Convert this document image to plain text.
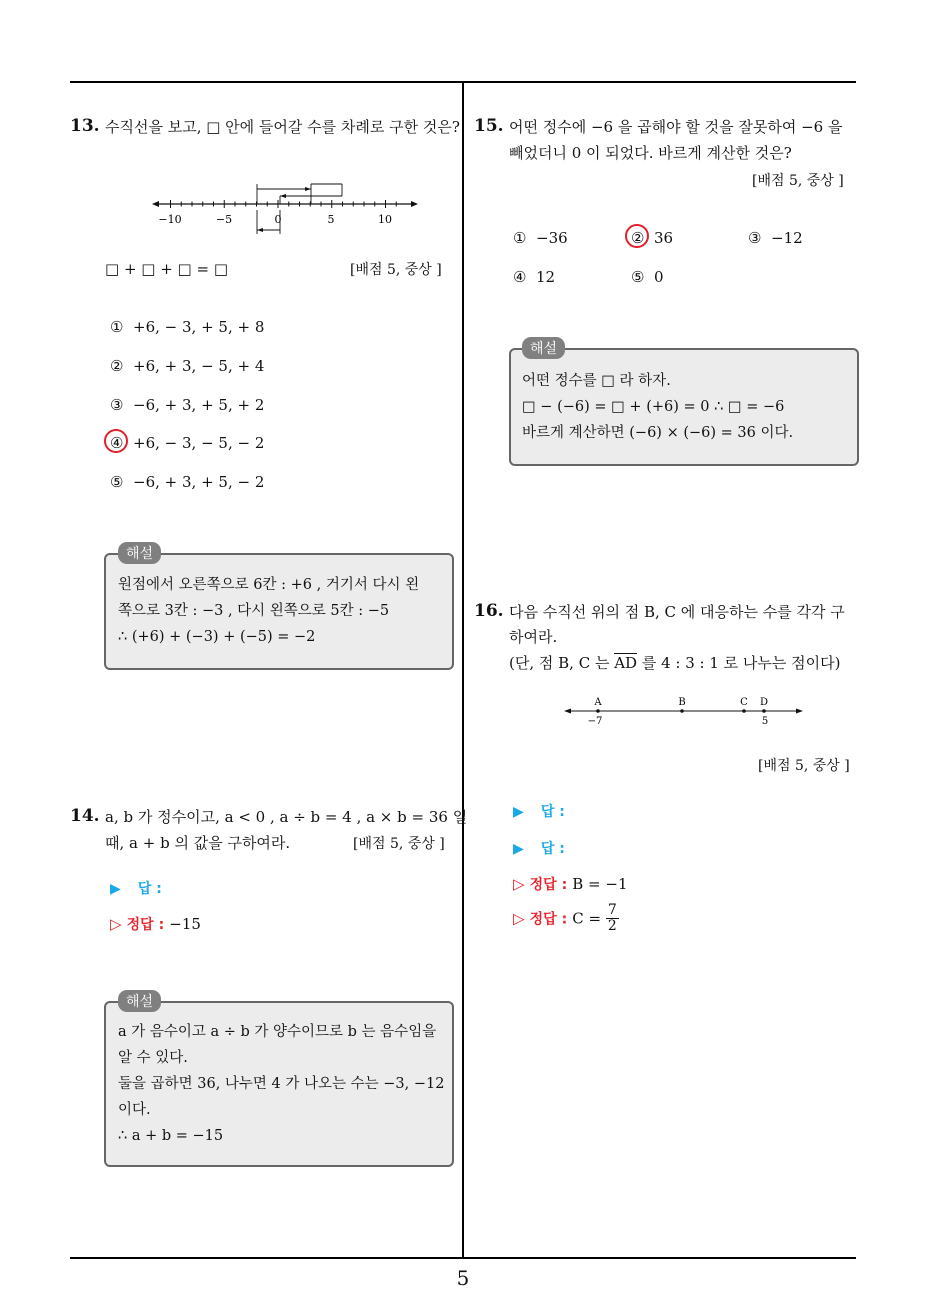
5
13. 수직선을 보고, □ 안에 들어갈 수를 차례로 구한 것은?
−10	−5	0	5	10
□ + □ + □ = □	[배점 5, 중상 ]
① +6, − 3, + 5, + 8
② +6, + 3, − 5, + 4
③ −6, + 3, + 5, + 2
④ +6, − 3, − 5, − 2
⑤ −6, + 3, + 5, − 2
해설
원점에서 오른쪽으로 6칸 : +6 , 거기서 다시 왼
쪽으로 3칸 : −3 , 다시 왼쪽으로 5칸 : −5
∴ (+6) + (−3) + (−5) = −2
14. a, b 가 정수이고, a < 0 , a ÷ b = 4 , a × b = 36 일
때, a + b 의 값을 구하여라.	[배점 5, 중상 ]
▶ 답 :
▷ 정답 : −15
해설
a 가 음수이고 a ÷ b 가 양수이므로 b 는 음수임을
알 수 있다.
둘을 곱하면 36, 나누면 4 가 나오는 수는 −3, −12
이다.
∴ a + b = −15
15. 어떤 정수에 −6 을 곱해야 할 것을 잘못하여 −6 을
빼었더니 0 이 되었다. 바르게 계산한 것은?
[배점 5, 중상 ]
① −36	② 36	③ −12
④ 12	⑤ 0
해설
어떤 정수를 □ 라 하자.
□ − (−6) = □ + (+6) = 0 ∴ □ = −6
바르게 계산하면 (−6) × (−6) = 36 이다.
16. 다음 수직선 위의 점 B, C 에 대응하는 수를 각각 구
하여라.
(단, 점 B, C 는 AD 를 4 : 3 : 1 로 나누는 점이다)
A	B	C D
−7	5
[배점 5, 중상 ]
▶ 답 :
▶ 답 :
▷ 정답 : B = −1
▷ 정답 : $C = \frac{7}{2}$
